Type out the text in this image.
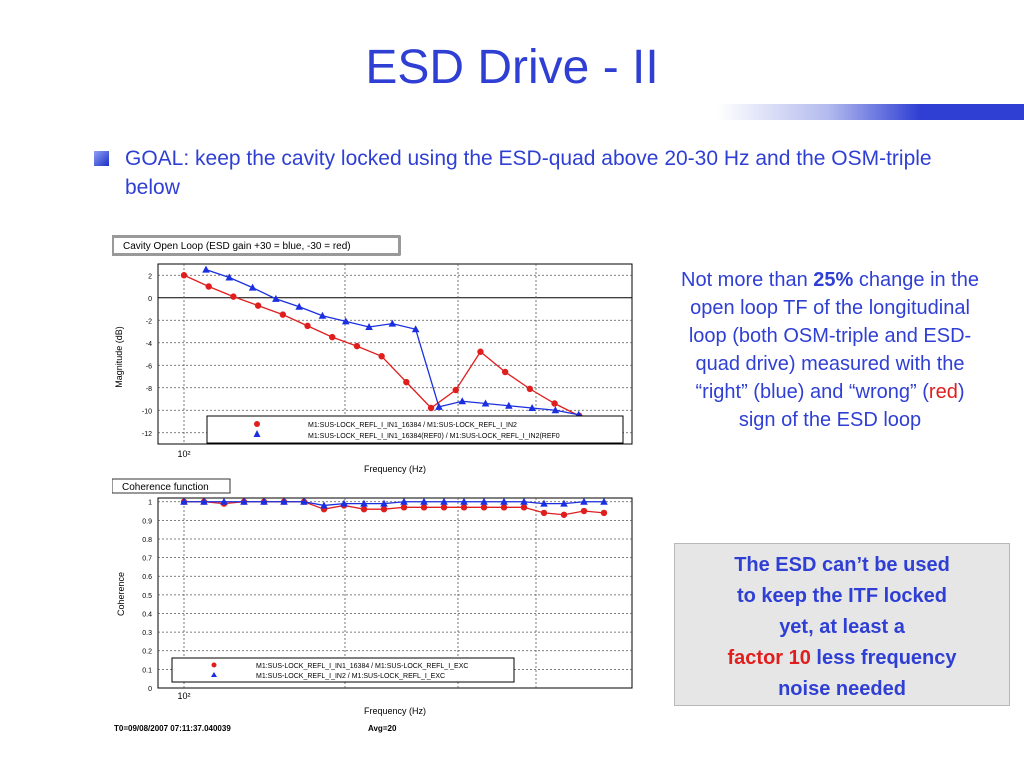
ESD Drive - II
GOAL: keep the cavity locked using the ESD-quad above 20-30 Hz and the OSM-triple below
Cavity Open Loop (ESD gain +30 = blue, -30 = red)
2
0
-2
-4
-6
-8
-10
-12
Magnitude (dB)
10²
Frequency (Hz)
M1:SUS-LOCK_REFL_I_IN1_16384 / M1:SUS-LOCK_REFL_I_IN2
M1:SUS-LOCK_REFL_I_IN1_16384(REF0) / M1:SUS-LOCK_REFL_I_IN2(REF0
Coherence function
1
0.9
0.8
0.7
0.6
0.5
0.4
0.3
0.2
0.1
0
Coherence
10²
Frequency (Hz)
M1:SUS-LOCK_REFL_I_IN1_16384 / M1:SUS-LOCK_REFL_I_EXC
M1:SUS-LOCK_REFL_I_IN2 / M1:SUS-LOCK_REFL_I_EXC
T0=09/08/2007 07:11:37.040039	Avg=20
Not more than 25% change in the open loop TF of the longitudinal loop (both OSM-triple and ESD-quad drive) measured with the “right” (blue) and “wrong” (red) sign of the ESD loop
The ESD can’t be used
to keep the ITF locked
yet, at least a
factor 10 less frequency
noise needed
